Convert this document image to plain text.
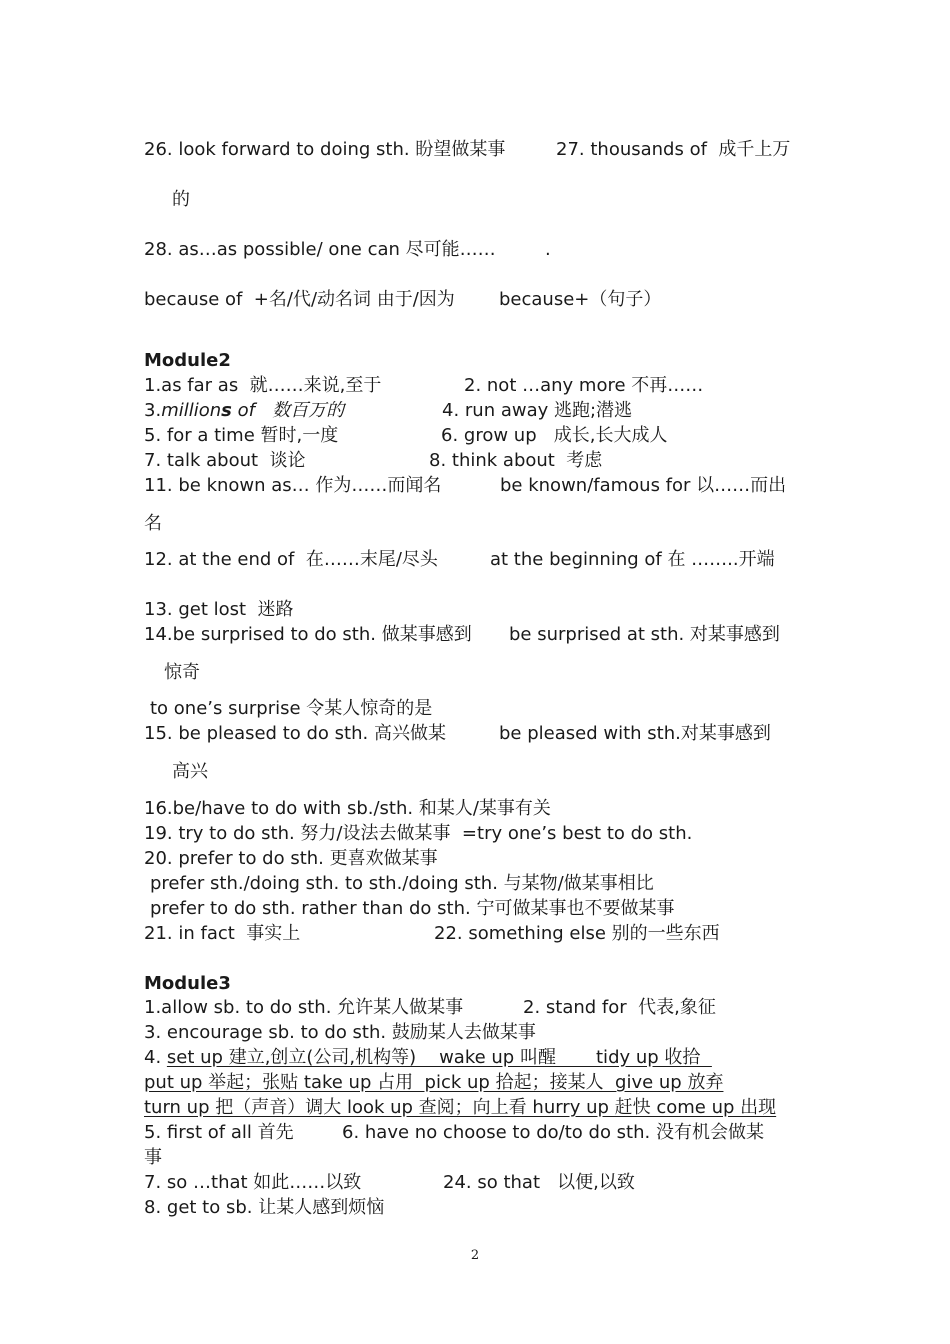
26. look forward to doing sth. 盼望做某事	27. thousands of  成千上万
的
28. as…as possible/ one can 尽可能……	.
because of  +名/代/动名词 由于/因为 because+（句子）
Module2
1.as far as  就……来说,至于	2. not …any more 不再……
3.millions of   数百万的	4. run away 逃跑;潜逃
5. for a time 暂时,一度	6. grow up   成长,长大成人
7. talk about  谈论	8. think about  考虑
11. be known as… 作为……而闻名	be known/famous for 以……而出
名
12. at the end of  在……末尾/尽头	at the beginning of 在 ……..开端
13. get lost  迷路
14.be surprised to do sth. 做某事感到 be surprised at sth. 对某事感到
惊奇
to one’s surprise 令某人惊奇的是
15. be pleased to do sth. 高兴做某	be pleased with sth.对某事感到
高兴
16.be/have to do with sb./sth. 和某人/某事有关
19. try to do sth. 努力/设法去做某事  =try one’s best to do sth.
20. prefer to do sth. 更喜欢做某事
prefer sth./doing sth. to sth./doing sth. 与某物/做某事相比
prefer to do sth. rather than do sth. 宁可做某事也不要做某事
21. in fact  事实上	22. something else 别的一些东西
Module3
1.allow sb. to do sth. 允许某人做某事	2. stand for  代表,象征
3. encourage sb. to do sth. 鼓励某人去做某事
4. set up 建立,创立(公司,机构等)    wake up 叫醒       tidy up 收拾
put up 举起；张贴 take up 占用  pick up 拾起；接某人  give up 放弃
turn up 把（声音）调大 look up 查阅；向上看 hurry up 赶快 come up 出现
5. first of all 首先	6. have no choose to do/to do sth. 没有机会做某
事
7. so …that 如此……以致	24. so that   以便,以致
8. get to sb. 让某人感到烦恼
2
